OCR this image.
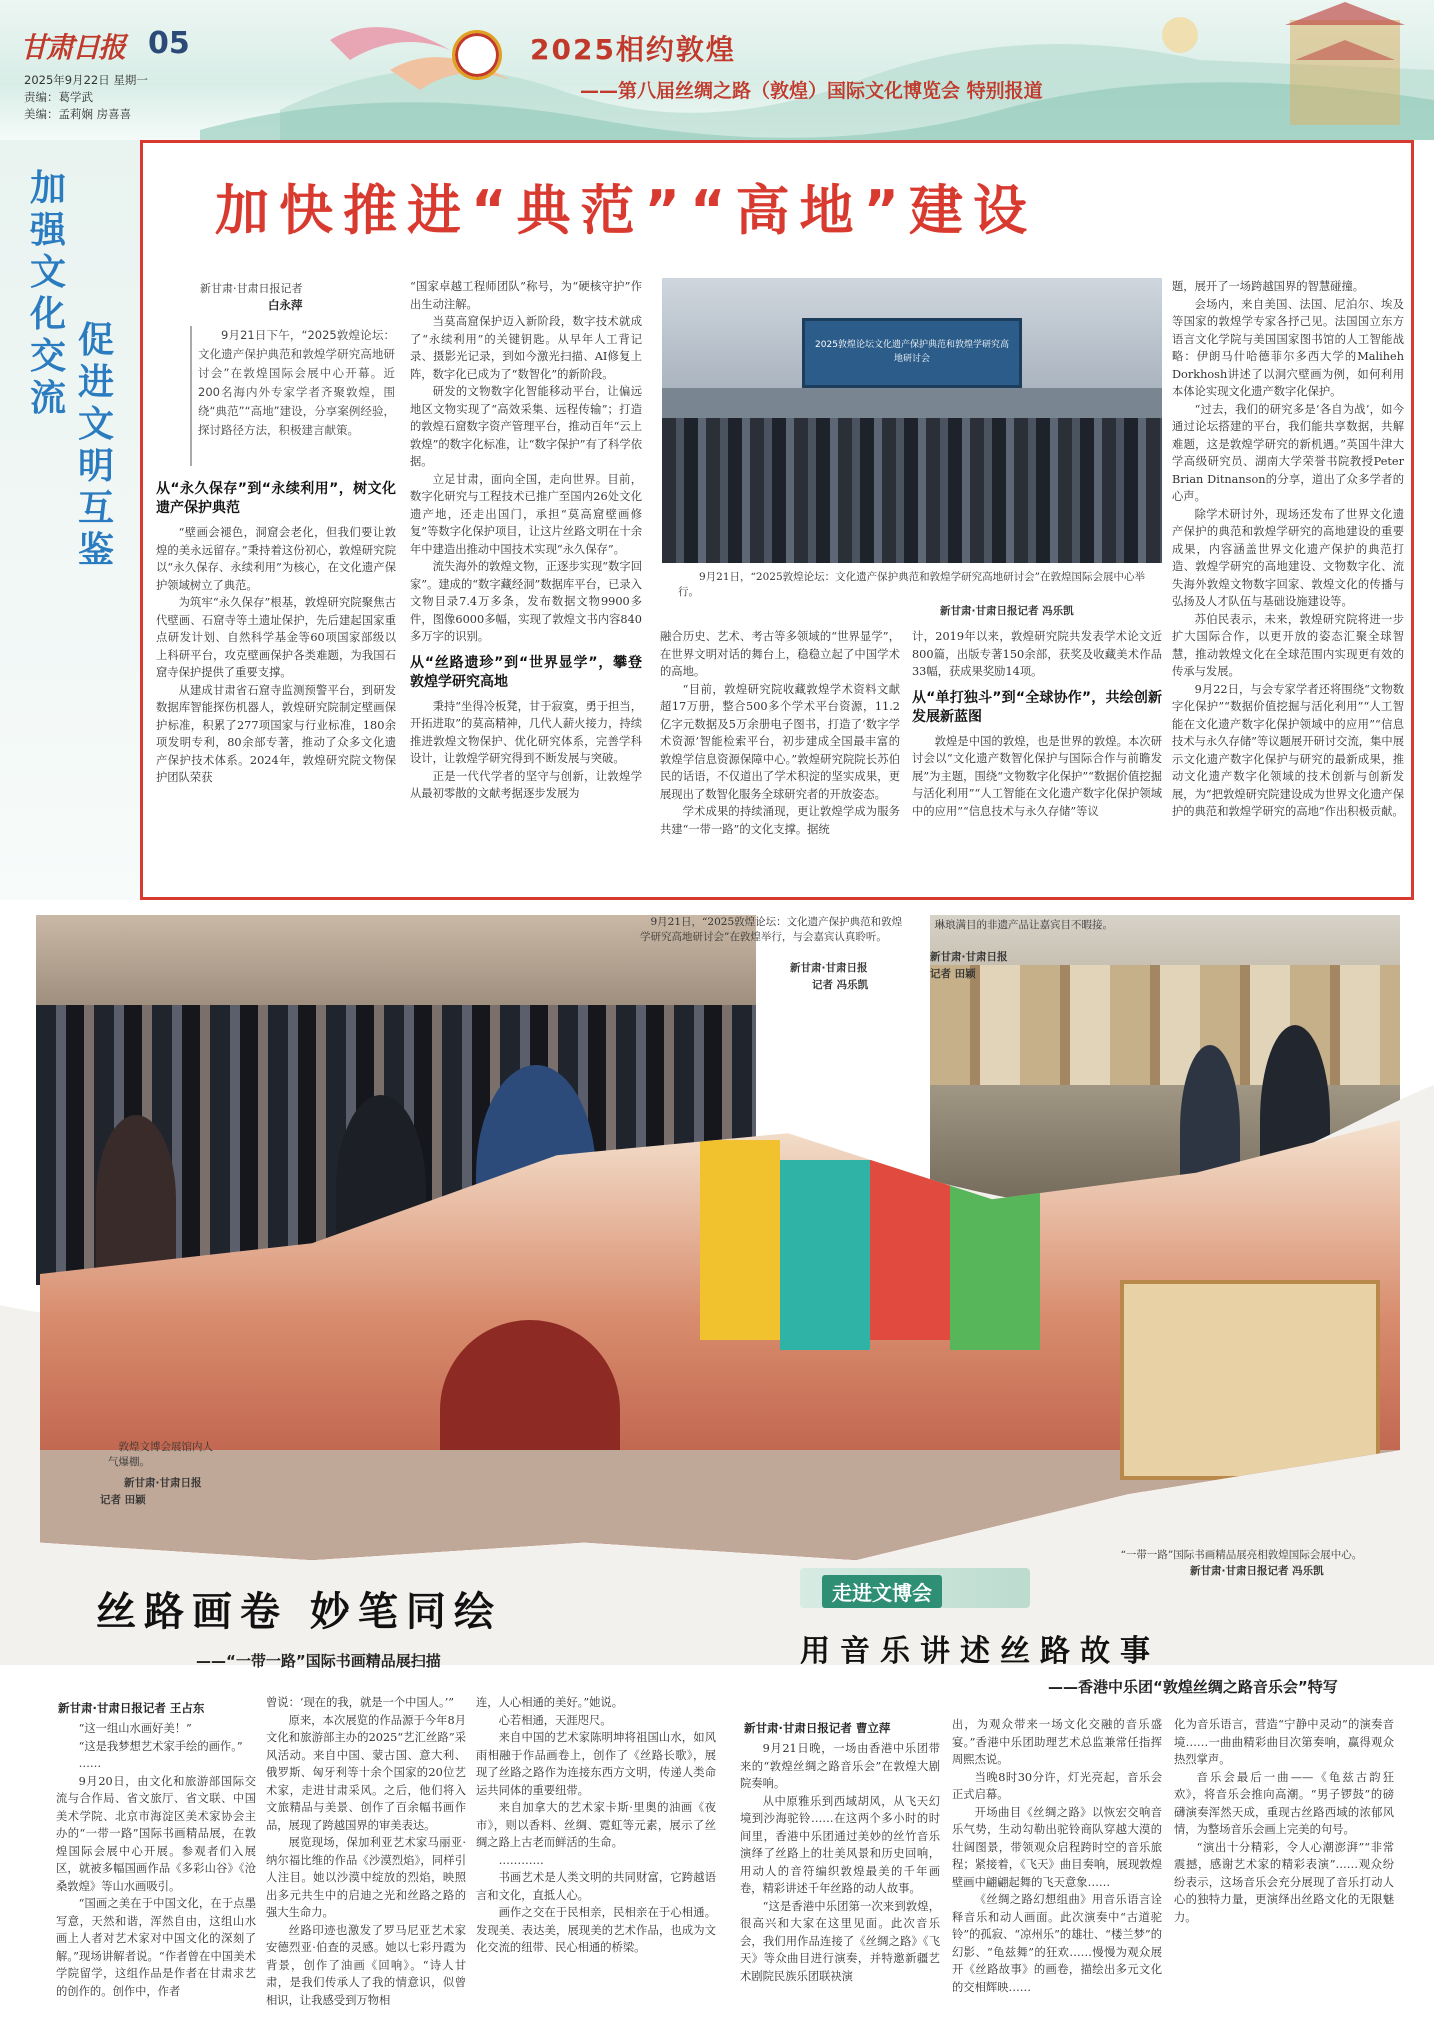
甘肃日报 05
2025年9月22日 星期一
责编：葛学武
美编：孟莉娴 房喜喜
2025相约敦煌
——第八届丝绸之路（敦煌）国际文化博览会 特别报道
加强文化交流
促进文明互鉴
加快推进“典范”“高地”建设
新甘肃·甘肃日报记者
白永萍

9月21日下午，“2025敦煌论坛：文化遗产保护典范和敦煌学研究高地研讨会”在敦煌国际会展中心开幕。近200名海内外专家学者齐聚敦煌，围绕“典范”“高地”建设，分享案例经验，探讨路径方法，积极建言献策。

从“永久保存”到“永续利用”，树文化遗产保护典范

“壁画会褪色，洞窟会老化，但我们要让敦煌的美永远留存。”秉持着这份初心，敦煌研究院以“永久保存、永续利用”为核心，在文化遗产保护领域树立了典范。

为筑牢“永久保存”根基，敦煌研究院聚焦古代壁画、石窟寺等土遗址保护，先后建起国家重点研发计划、自然科学基金等60项国家部级以上科研平台，攻克壁画保护各类难题，为我国石窟寺保护提供了重要支撑。

从建成甘肃省石窟寺监测预警平台，到研发数据库智能探伤机器人，敦煌研究院制定壁画保护标准，积累了277项国家与行业标准，180余项发明专利，80余部专著，推动了众多文化遗产保护技术体系。2024年，敦煌研究院文物保护团队荣获

“国家卓越工程师团队”称号，为“硬核守护”作出生动注解。

当莫高窟保护迈入新阶段，数字技术就成了“永续利用”的关键钥匙。从早年人工背记录、摄影光记录，到如今激光扫描、AI修复上阵，数字化已成为了“数智化”的新阶段。

研发的文物数字化智能移动平台，让偏远地区文物实现了“高效采集、远程传输”；打造的敦煌石窟数字资产管理平台，推动百年“云上敦煌”的数字化标准，让“数字保护”有了科学依据。

立足甘肃，面向全国，走向世界。目前，数字化研究与工程技术已推广至国内26处文化遗产地，还走出国门，承担“莫高窟壁画修复”等数字化保护项目，让这片丝路文明在十余年中建造出推动中国技术实现“永久保存”。

流失海外的敦煌文物，正逐步实现“数字回家”。建成的“数字藏经洞”数据库平台，已录入文物目录7.4万多条，发布数据文物9900多件，图像6000多幅，实现了敦煌文书内容840多万字的识别。

从“丝路遗珍”到“世界显学”，攀登敦煌学研究高地

秉持“坐得冷板凳，甘于寂寞，勇于担当，开拓进取”的莫高精神，几代人薪火接力，持续推进敦煌文物保护、优化研究体系，完善学科设计，让敦煌学研究得到不断发展与突破。

正是一代代学者的坚守与创新，让敦煌学从最初零散的文献考据逐步发展为

2025敦煌论坛文化遗产保护典范和敦煌学研究高地研讨会
9月21日，“2025敦煌论坛：文化遗产保护典范和敦煌学研究高地研讨会”在敦煌国际会展中心举行。
新甘肃·甘肃日报记者 冯乐凯

融合历史、艺术、考古等多领域的“世界显学”，在世界文明对话的舞台上，稳稳立起了中国学术的高地。

“目前，敦煌研究院收藏敦煌学术资料文献超17万册，整合500多个学术平台资源，11.2亿字元数据及5万余册电子图书，打造了‘数字学术资源’智能检索平台，初步建成全国最丰富的敦煌学信息资源保障中心。”敦煌研究院院长苏伯民的话语，不仅道出了学术积淀的坚实成果，更展现出了数智化服务全球研究者的开放姿态。

学术成果的持续涌现，更让敦煌学成为服务共建“一带一路”的文化支撑。据统

计，2019年以来，敦煌研究院共发表学术论文近800篇，出版专著150余部，获奖及收藏美术作品33幅，获成果奖励14项。

从“单打独斗”到“全球协作”，共绘创新发展新蓝图

敦煌是中国的敦煌，也是世界的敦煌。本次研讨会以“文化遗产数智化保护与国际合作与前瞻发展”为主题，围绕“文物数字化保护”“数据价值挖掘与活化利用”“人工智能在文化遗产数字化保护领域中的应用”“信息技术与永久存储”等议

题，展开了一场跨越国界的智慧碰撞。

会场内，来自美国、法国、尼泊尔、埃及等国家的敦煌学专家各抒己见。法国国立东方语言文化学院与美国国家图书馆的人工智能战略：伊朗马什哈德菲尔多西大学的Maliheh Dorkhosh讲述了以洞穴壁画为例，如何利用本体论实现文化遗产数字化保护。

“过去，我们的研究多是‘各自为战’，如今通过论坛搭建的平台，我们能共享数据，共解难题，这是敦煌学研究的新机遇。”英国牛津大学高级研究员、湖南大学荣誉书院教授Peter Brian Ditnanson的分享，道出了众多学者的心声。

除学术研讨外，现场还发布了世界文化遗产保护的典范和敦煌学研究的高地建设的重要成果，内容涵盖世界文化遗产保护的典范打造、敦煌学研究的高地建设、文物数字化、流失海外敦煌文物数字回家、敦煌文化的传播与弘扬及人才队伍与基础设施建设等。

苏伯民表示，未来，敦煌研究院将进一步扩大国际合作，以更开放的姿态汇聚全球智慧，推动敦煌文化在全球范围内实现更有效的传承与发展。

9月22日，与会专家学者还将围绕“文物数字化保护”“数据价值挖掘与活化利用”“人工智能在文化遗产数字化保护领域中的应用”“信息技术与永久存储”等议题展开研讨交流，集中展示文化遗产数字化保护与研究的最新成果，推动文化遗产数字化领域的技术创新与创新发展，为“把敦煌研究院建设成为世界文化遗产保护的典范和敦煌学研究的高地”作出积极贡献。

9月21日，“2025敦煌论坛：文化遗产保护典范和敦煌学研究高地研讨会”在敦煌举行，与会嘉宾认真聆听。
新甘肃·甘肃日报
记者 冯乐凯
琳琅满目的非遗产品让嘉宾目不暇接。
新甘肃·甘肃日报
记者 田颖
敦煌文博会展馆内人气爆棚。
新甘肃·甘肃日报
记者 田颖
“一带一路”国际书画精品展亮相敦煌国际会展中心。
新甘肃·甘肃日报记者 冯乐凯
丝路画卷 妙笔同绘
——“一带一路”国际书画精品展扫描
新甘肃·甘肃日报记者 王占东

“这一组山水画好美！”

“这是我梦想艺术家手绘的画作。”

……

9月20日，由文化和旅游部国际交流与合作局、省文旅厅、省文联、中国美术学院、北京市海淀区美术家协会主办的“一带一路”国际书画精品展，在敦煌国际会展中心开展。参观者们入展区，就被多幅国画作品《多彩山谷》《沧桑敦煌》等山水画吸引。

“国画之美在于中国文化，在于点墨写意，天然和谐，浑然自由，这组山水画上人者对艺术家对中国文化的深刻了解。”现场讲解者说。“作者曾在中国美术学院留学，这组作品是作者在甘肃求艺的创作的。创作中，作者

曾说：‘现在的我，就是一个中国人。’”

原来，本次展览的作品源于今年8月文化和旅游部主办的2025“艺汇丝路”采风活动。来自中国、蒙古国、意大利、俄罗斯、匈牙利等十余个国家的20位艺术家，走进甘肃采风。之后，他们将入文旅精品与美景、创作了百余幅书画作品，展现了跨越国界的审美表达。

展览现场，保加利亚艺术家马丽亚·纳尔福比维的作品《沙漠烈焰》，同样引人注目。她以沙漠中绽放的烈焰，映照出多元共生中的启迪之光和丝路之路的强大生命力。

丝路印迹也激发了罗马尼亚艺术家安德烈亚·伯查的灵感。她以七彩丹霞为背景，创作了油画《回响》。“诗人甘肃，是我们传承人了我的情意识，似曾相识，让我感受到万物相

连，人心相通的美好。”她说。

心若相通，天涯咫尺。

来自中国的艺术家陈明坤将祖国山水，如风雨相融于作品画卷上，创作了《丝路长歌》，展现了丝路之路作为连接东西方文明，传递人类命运共同体的重要纽带。

来自加拿大的艺术家卡斯·里奥的油画《夜市》，则以香料、丝绸、霓虹等元素，展示了丝绸之路上古老而鲜活的生命。

…………

书画艺术是人类文明的共同财富，它跨越语言和文化，直抵人心。

画作之交在于民相亲，民相亲在于心相通。发现美、表达美，展现美的艺术作品，也成为文化交流的纽带、民心相通的桥梁。

走进文博会
用音乐讲述丝路故事
——香港中乐团“敦煌丝绸之路音乐会”特写
新甘肃·甘肃日报记者 曹立萍

9月21日晚，一场由香港中乐团带来的“敦煌丝绸之路音乐会”在敦煌大剧院奏响。

从中原雅乐到西域胡风，从飞天幻境到沙海驼铃……在这两个多小时的时间里，香港中乐团通过美妙的丝竹音乐演绎了丝路上的壮美风景和历史回响，用动人的音符编织敦煌最美的千年画卷，精彩讲述千年丝路的动人故事。

“这是香港中乐团第一次来到敦煌，很高兴和大家在这里见面。此次音乐会，我们用作品连接了《丝绸之路》《飞天》等众曲目进行演奏，并特邀新疆艺术剧院民族乐团联袂演

出，为观众带来一场文化交融的音乐盛宴。”香港中乐团助理艺术总监兼常任指挥周熙杰说。

当晚8时30分许，灯光亮起，音乐会正式启幕。

开场曲目《丝绸之路》以恢宏交响音乐气势，生动勾勒出驼铃商队穿越大漠的壮阔图景，带领观众启程跨时空的音乐旅程；紧接着，《飞天》曲目奏响，展现敦煌壁画中翩翩起舞的飞天意象……

《丝绸之路幻想组曲》用音乐语言诠释音乐和动人画面。此次演奏中“古道驼铃”的孤寂、“凉州乐”的雄壮、“楼兰梦”的幻影、“龟兹舞”的狂欢……慢慢为观众展开《丝路故事》的画卷，描绘出多元文化的交相辉映……

化为音乐语言，营造“宁静中灵动”的演奏音境……一曲曲精彩曲目次第奏响，赢得观众热烈掌声。

音乐会最后一曲——《龟兹古韵狂欢》，将音乐会推向高潮。“男子锣鼓”的磅礴演奏浑然天成，重现古丝路西域的浓郁风情，为整场音乐会画上完美的句号。

“演出十分精彩，令人心潮澎湃”“非常震撼，感谢艺术家的精彩表演”……观众纷纷表示，这场音乐会充分展现了音乐打动人心的独特力量，更演绎出丝路文化的无限魅力。
